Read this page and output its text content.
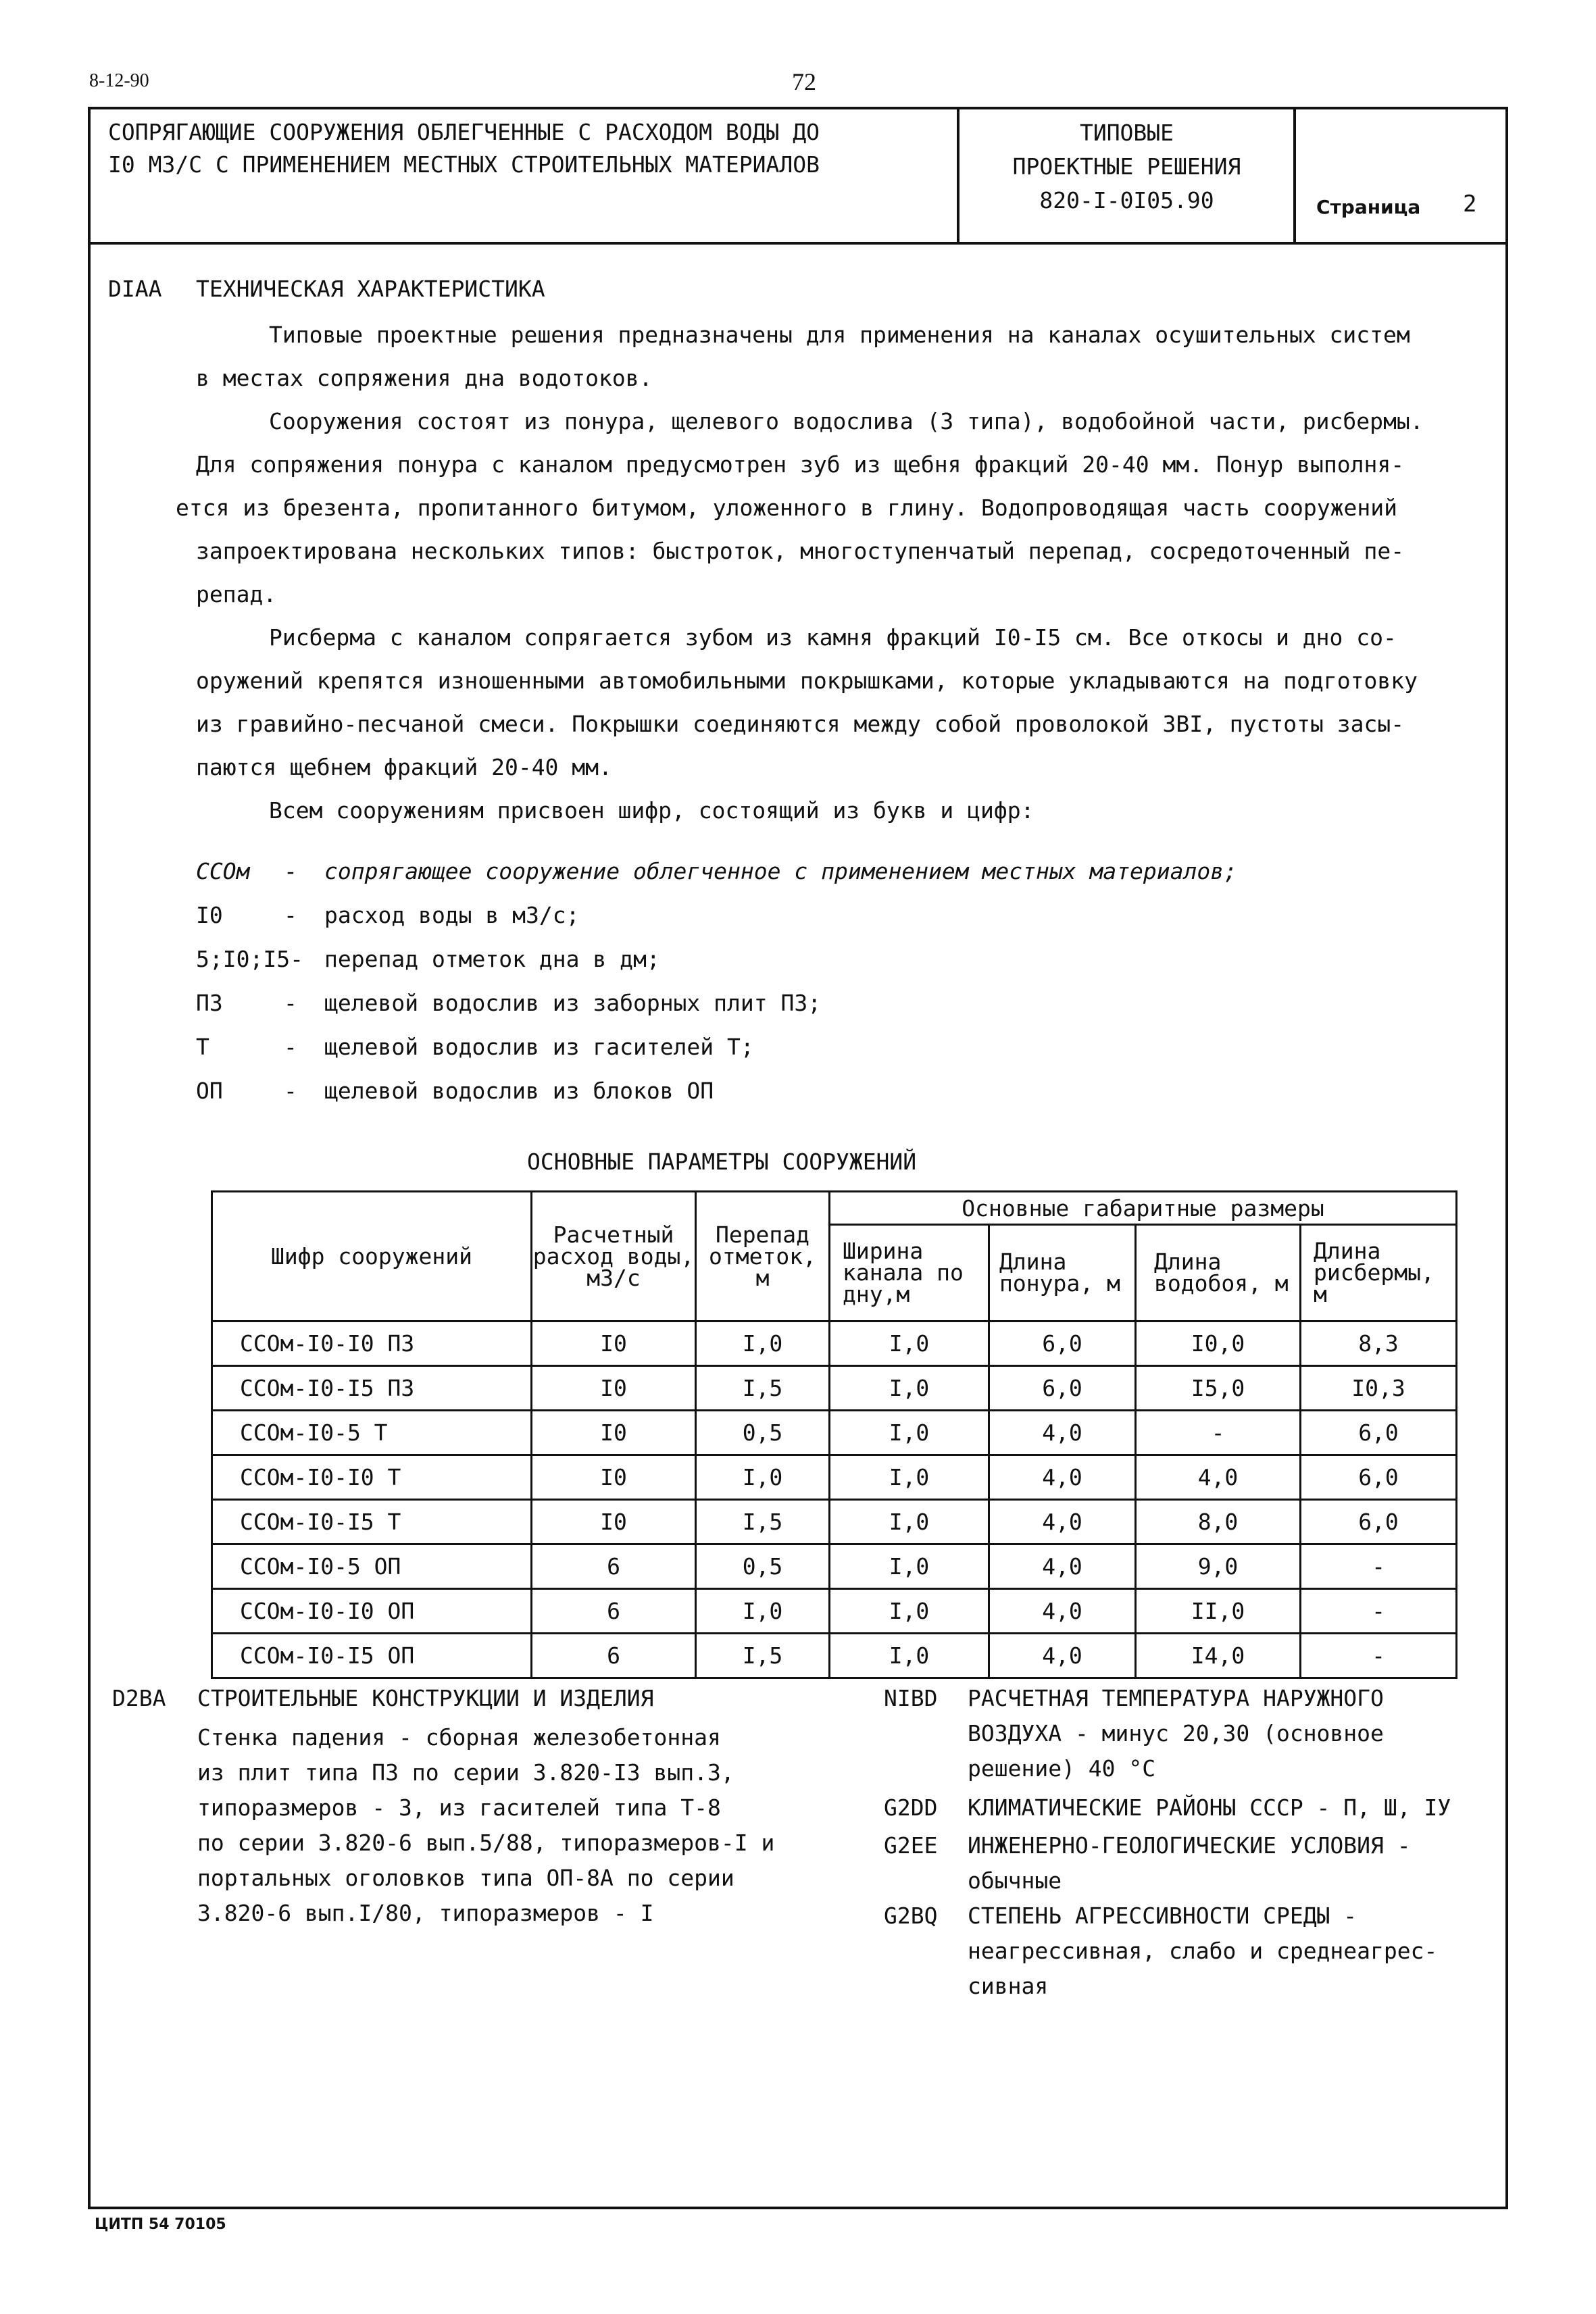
8-12-90	72
СОПРЯГАЮЩИЕ СООРУЖЕНИЯ ОБЛЕГЧЕННЫЕ С РАСХОДОМ ВОДЫ ДО
I0 М3/С С ПРИМЕНЕНИЕМ МЕСТНЫХ СТРОИТЕЛЬНЫХ МАТЕРИАЛОВ
ТИПОВЫЕ
ПРОЕКТНЫЕ РЕШЕНИЯ
820-I-0I05.90	Страница 2
DIAA ТЕХНИЧЕСКАЯ ХАРАКТЕРИСТИКА
Типовые проектные решения предназначены для применения на каналах осушительных систем
в местах сопряжения дна водотоков.
Сооружения состоят из понура, щелевого водослива (3 типа), водобойной части, рисбермы.
Для сопряжения понура с каналом предусмотрен зуб из щебня фракций 20-40 мм. Понур выполня-
ется из брезента, пропитанного битумом, уложенного в глину. Водопроводящая часть сооружений
запроектирована нескольких типов: быстроток, многоступенчатый перепад, сосредоточенный пе-
репад.
Рисберма с каналом сопрягается зубом из камня фракций I0-I5 см. Все откосы и дно со-
оружений крепятся изношенными автомобильными покрышками, которые укладываются на подготовку
из гравийно-песчаной смеси. Покрышки соединяются между собой проволокой 3BI, пустоты засы-
паются щебнем фракций 20-40 мм.
Всем сооружениям присвоен шифр, состоящий из букв и цифр:
ССОм - сопрягающее сооружение облегченное с применением местных материалов;
I0	- расход воды в м3/с;
5;I0;I5- перепад отметок дна в дм;
ПЗ	- щелевой водослив из заборных плит ПЗ;
Т	- щелевой водослив из гасителей Т;
ОП	- щелевой водослив из блоков ОП
ОСНОВНЫЕ ПАРАМЕТРЫ СООРУЖЕНИЙ
Шифр сооружений	Расчетный расход воды, м3/с	Перепад отметок, м	Основные габаритные размеры			
			Ширина канала по дну,м	Длина понура, м	Длина водобоя, м	Длина рисбермы, м
ССОм-I0-I0 ПЗ	I0	I,0	I,0	6,0	I0,0	8,3
ССОм-I0-I5 ПЗ	I0	I,5	I,0	6,0	I5,0	I0,3
ССОм-I0-5 Т	I0	0,5	I,0	4,0	-	6,0
ССОм-I0-I0 Т	I0	I,0	I,0	4,0	4,0	6,0
ССОм-I0-I5 Т	I0	I,5	I,0	4,0	8,0	6,0
ССОм-I0-5 ОП	6	0,5	I,0	4,0	9,0	-
ССОм-I0-I0 ОП	6	I,0	I,0	4,0	II,0	-
ССОм-I0-I5 ОП	6	I,5	I,0	4,0	I4,0	-
D2BA СТРОИТЕЛЬНЫЕ КОНСТРУКЦИИ И ИЗДЕЛИЯ
Стенка падения - сборная железобетонная
из плит типа ПЗ по серии 3.820-I3 вып.3,
типоразмеров - 3, из гасителей типа Т-8
по серии 3.820-6 вып.5/88, типоразмеров-I и
портальных оголовков типа ОП-8А по серии
3.820-6 вып.I/80, типоразмеров - I
NIBD РАСЧЕТНАЯ ТЕМПЕРАТУРА НАРУЖНОГО
ВОЗДУХА - минус 20,30 (основное
решение) 40 °С
G2DD КЛИМАТИЧЕСКИЕ РАЙОНЫ СССР - П, Ш, IУ
G2EE ИНЖЕНЕРНО-ГЕОЛОГИЧЕСКИЕ УСЛОВИЯ -
обычные
G2BQ СТЕПЕНЬ АГРЕССИВНОСТИ СРЕДЫ -
неагрессивная, слабо и среднеагрес-
сивная
ЦИТП 54 70105
